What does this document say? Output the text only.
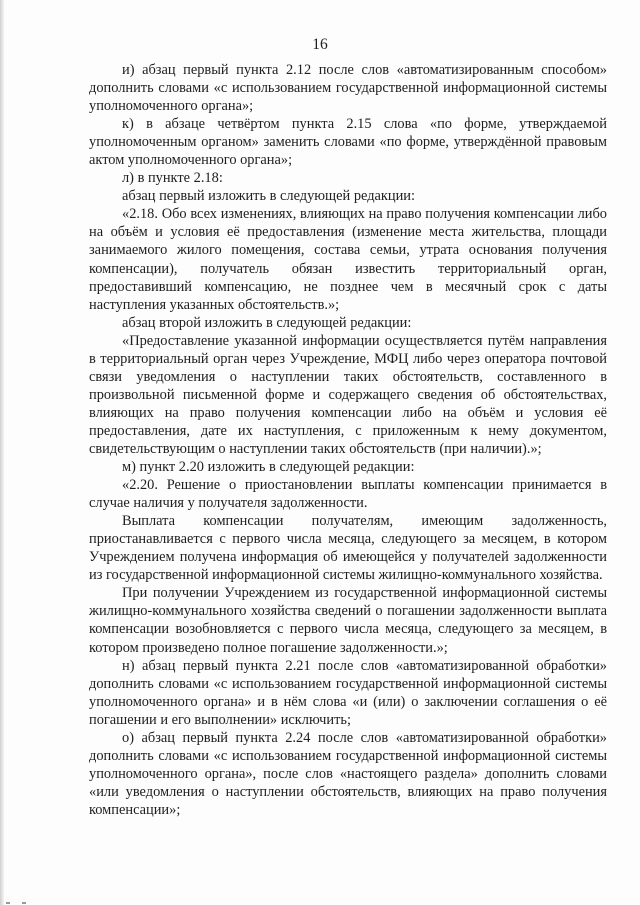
16

и) абзац первый пункта 2.12 после слов «автоматизированным способом» дополнить словами «с использованием государственной информационной системы уполномоченного органа»;

к) в абзаце четвёртом пункта 2.15 слова «по форме, утверждаемой уполномоченным органом» заменить словами «по форме, утверждённой правовым актом уполномоченного органа»;

л) в пункте 2.18:

абзац первый изложить в следующей редакции:

«2.18. Обо всех изменениях, влияющих на право получения компенсации либо на объём и условия её предоставления (изменение места жительства, площади занимаемого жилого помещения, состава семьи, утрата основания получения компенсации), получатель обязан известить территориальный орган, предоставивший компенсацию, не позднее чем в месячный срок с даты наступления указанных обстоятельств.»;

абзац второй изложить в следующей редакции:

«Предоставление указанной информации осуществляется путём направления в территориальный орган через Учреждение, МФЦ либо через оператора почтовой связи уведомления о наступлении таких обстоятельств, составленного в произвольной письменной форме и содержащего сведения об обстоятельствах, влияющих на право получения компенсации либо на объём и условия её предоставления, дате их наступления, с приложенным к нему документом, свидетельствующим о наступлении таких обстоятельств (при наличии).»;

м) пункт 2.20 изложить в следующей редакции:

«2.20. Решение о приостановлении выплаты компенсации принимается в случае наличия у получателя задолженности.

Выплата компенсации получателям, имеющим задолженность, приостанавливается с первого числа месяца, следующего за месяцем, в котором Учреждением получена информация об имеющейся у получателей задолженности из государственной информационной системы жилищно-коммунального хозяйства.

При получении Учреждением из государственной информационной системы жилищно-коммунального хозяйства сведений о погашении задолженности выплата компенсации возобновляется с первого числа месяца, следующего за месяцем, в котором произведено полное погашение задолженности.»;

н) абзац первый пункта 2.21 после слов «автоматизированной обработки» дополнить словами «с использованием государственной информационной системы уполномоченного органа» и в нём слова «и (или) о заключении соглашения о её погашении и его выполнении» исключить;

о) абзац первый пункта 2.24 после слов «автоматизированной обработки» дополнить словами «с использованием государственной информационной системы уполномоченного органа», после слов «настоящего раздела» дополнить словами «или уведомления о наступлении обстоятельств, влияющих на право получения компенсации»;
